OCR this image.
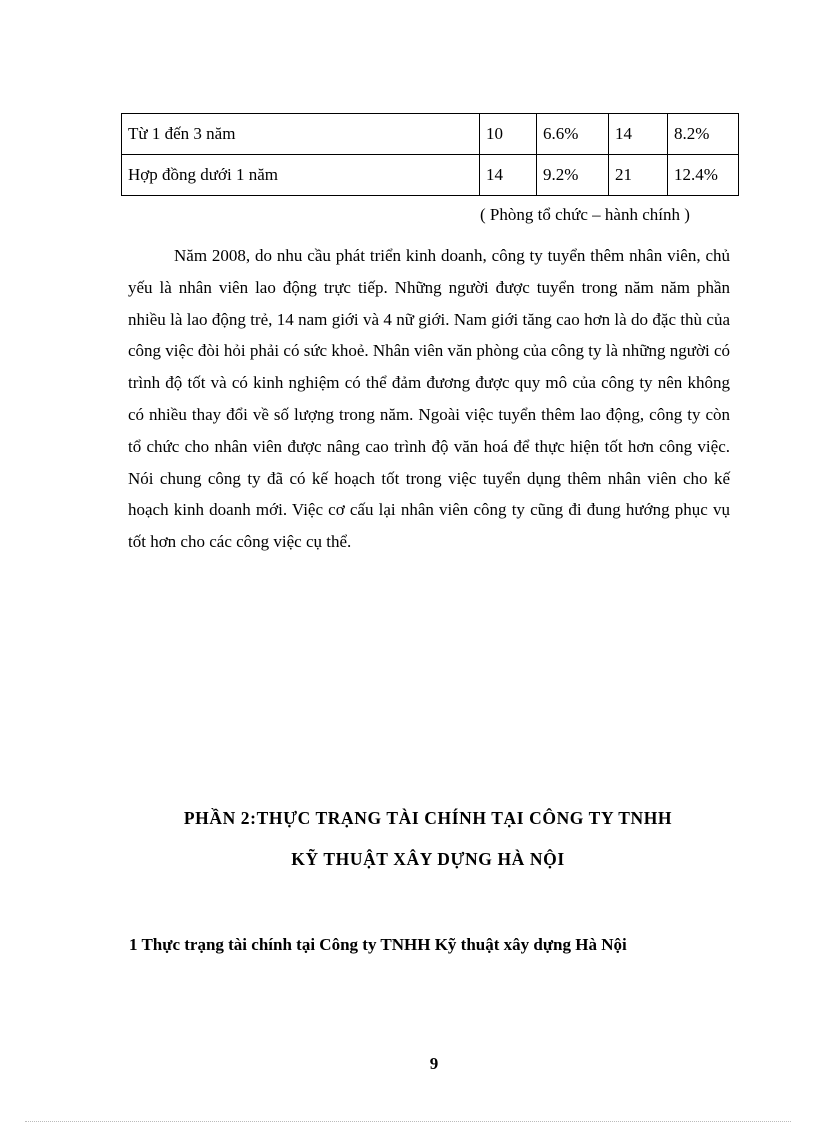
Từ 1 đến 3 năm	10	6.6%	14	8.2%
Hợp đồng dưới 1 năm	14	9.2%	21	12.4%
( Phòng tổ chức – hành chính )

Năm 2008, do nhu cầu phát triển kinh doanh, công ty tuyển thêm nhân viên, chủ yếu là nhân viên lao động trực tiếp. Những người được tuyển trong năm năm phần nhiều là lao động trẻ, 14 nam giới và 4 nữ giới. Nam giới tăng cao hơn là do đặc thù của công việc đòi hỏi phải có sức khoẻ. Nhân viên văn phòng của công ty là những người có trình độ tốt và có kinh nghiệm có thể đảm đương được quy mô của công ty nên không có nhiều thay đổi về số lượng trong năm. Ngoài việc tuyển thêm lao động, công ty còn tổ chức cho nhân viên được nâng cao trình độ văn hoá để thực hiện tốt hơn công việc. Nói chung công ty đã có kế hoạch tốt trong việc tuyển dụng thêm nhân viên cho kế hoạch kinh doanh mới. Việc cơ cấu lại nhân viên công ty cũng đi đung hướng phục vụ tốt hơn cho các công việc cụ thể.

PHẦN 2:THỰC TRẠNG TÀI CHÍNH TẠI CÔNG TY TNHH
KỸ THUẬT XÂY DỰNG HÀ NỘI
1 Thực trạng tài chính tại Công ty TNHH Kỹ thuật xây dựng Hà Nội
9
